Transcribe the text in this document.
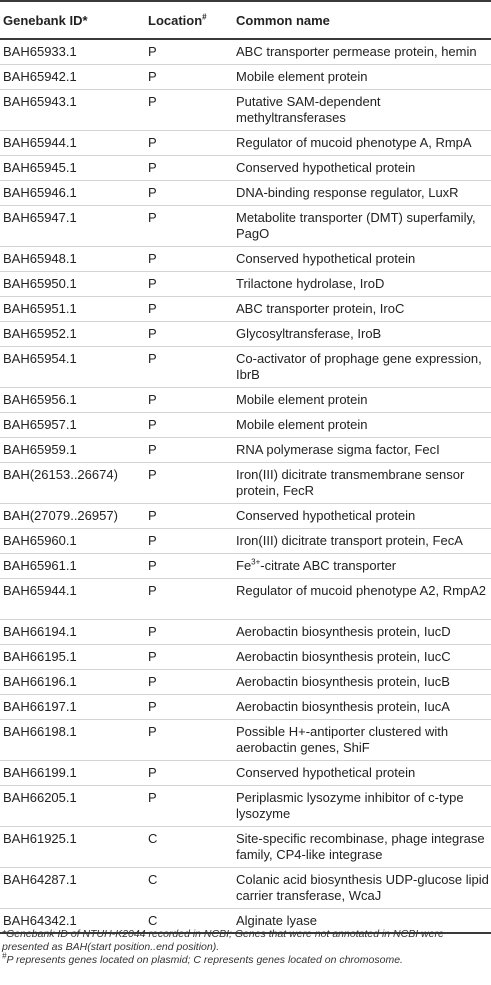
Genebank ID*	Location#	Common name
BAH65933.1	P	ABC transporter permease protein, hemin
BAH65942.1	P	Mobile element protein
BAH65943.1	P	Putative SAM-dependent methyltransferases
BAH65944.1	P	Regulator of mucoid phenotype A, RmpA
BAH65945.1	P	Conserved hypothetical protein
BAH65946.1	P	DNA-binding response regulator, LuxR
BAH65947.1	P	Metabolite transporter (DMT) superfamily, PagO
BAH65948.1	P	Conserved hypothetical protein
BAH65950.1	P	Trilactone hydrolase, IroD
BAH65951.1	P	ABC transporter protein, IroC
BAH65952.1	P	Glycosyltransferase, IroB
BAH65954.1	P	Co-activator of prophage gene expression, IbrB
BAH65956.1	P	Mobile element protein
BAH65957.1	P	Mobile element protein
BAH65959.1	P	RNA polymerase sigma factor, FecI
BAH(26153..26674)	P	Iron(III) dicitrate transmembrane sensor protein, FecR
BAH(27079..26957)	P	Conserved hypothetical protein
BAH65960.1	P	Iron(III) dicitrate transport protein, FecA
BAH65961.1	P	$Fe^{3+}$-citrate ABC transporter
BAH65944.1	P	Regulator of mucoid phenotype A2, RmpA2
BAH66194.1	P	Aerobactin biosynthesis protein, IucD
BAH66195.1	P	Aerobactin biosynthesis protein, IucC
BAH66196.1	P	Aerobactin biosynthesis protein, IucB
BAH66197.1	P	Aerobactin biosynthesis protein, IucA
BAH66198.1	P	Possible H+-antiporter clustered with aerobactin genes, ShiF
BAH66199.1	P	Conserved hypothetical protein
BAH66205.1	P	Periplasmic lysozyme inhibitor of c-type lysozyme
BAH61925.1	C	Site-specific recombinase, phage integrase family, CP4-like integrase
BAH64287.1	C	Colanic acid biosynthesis UDP-glucose lipid carrier transferase, WcaJ
BAH64342.1	C	Alginate lyase

*Genebank ID of NTUH-K2044 recorded in NCBI; Genes that were not annotated in NCBI were presented as BAH(start position..end position).

#P represents genes located on plasmid; C represents genes located on chromosome.
